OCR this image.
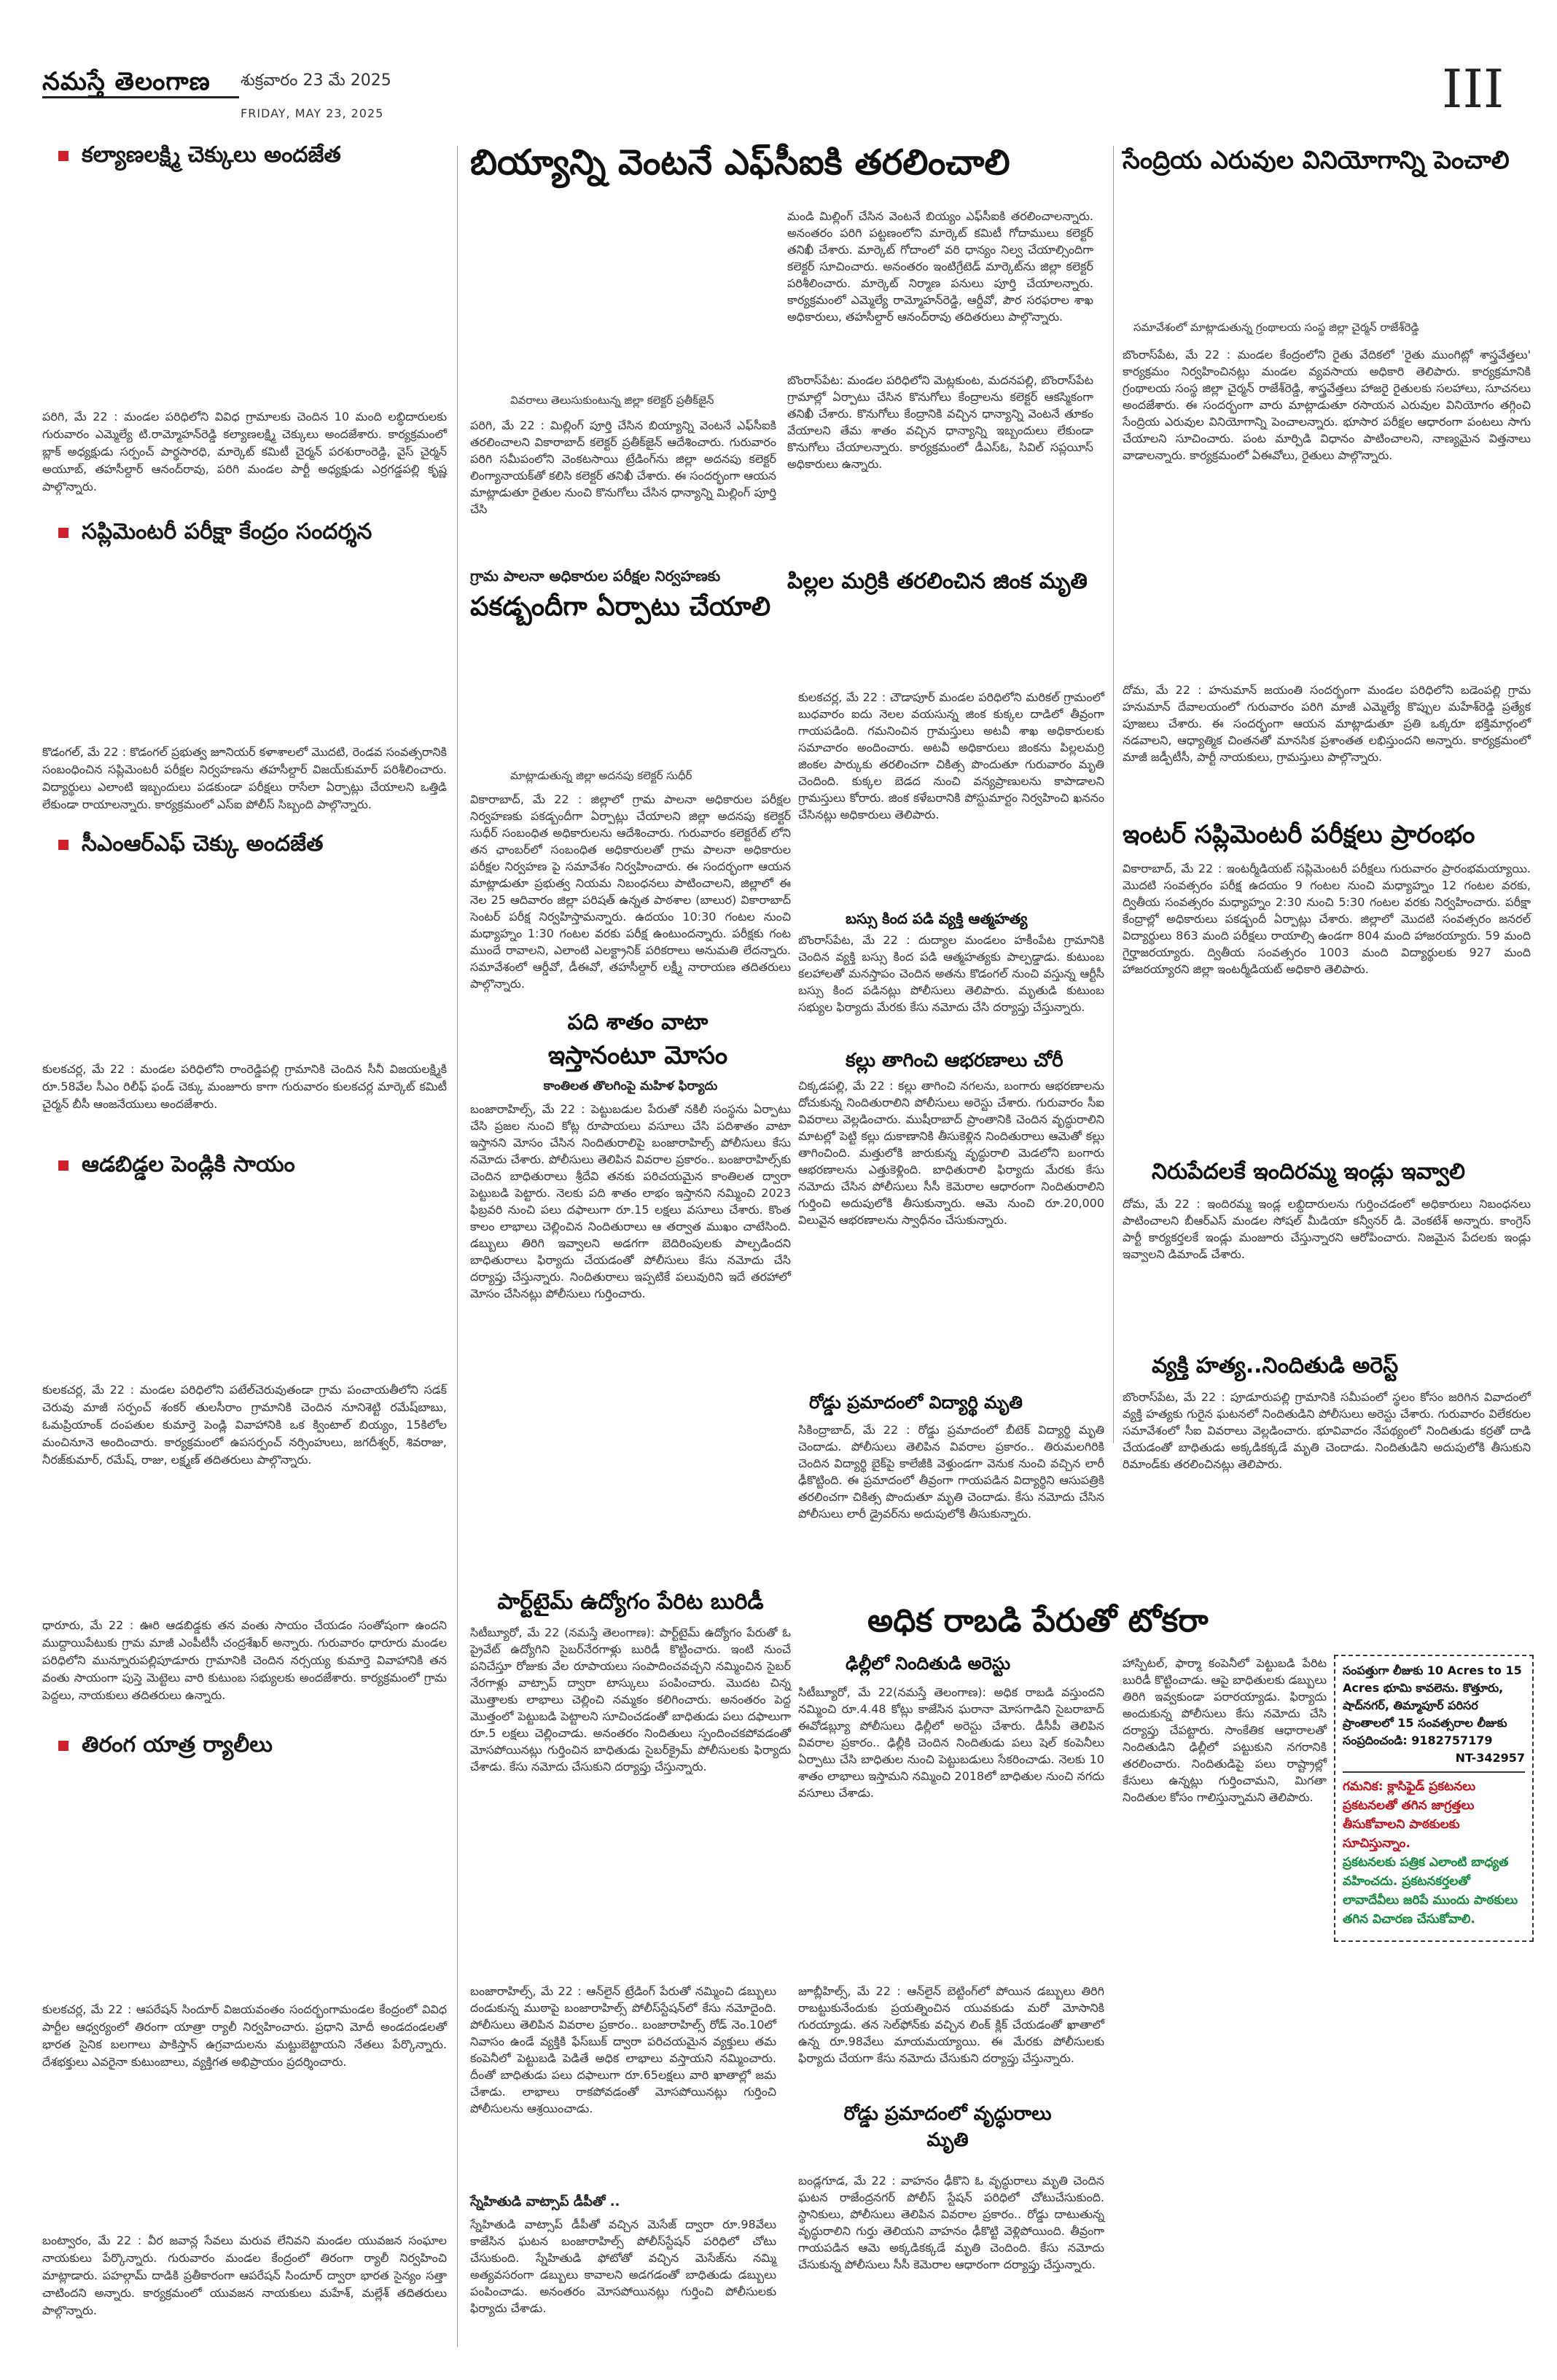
నమస్తే తెలంగాణ శుక్రవారం 23 మే 2025
FRIDAY, MAY 23, 2025	III
కల్యాణలక్ష్మి చెక్కులు అందజేత
పరిగి, మే 22 : మండల పరిధిలోని వివిధ గ్రామాలకు చెందిన 10 మంది లబ్ధిదారులకు గురువారం ఎమ్మెల్యే టి.రామ్మోహన్‌రెడ్డి కల్యాణలక్ష్మి చెక్కులు అందజేశారు. కార్యక్రమంలో బ్లాక్ అధ్యక్షుడు సర్పంచ్ పార్థసారధి, మార్కెట్ కమిటీ చైర్మన్ పరశురాంరెడ్డి, వైస్ చైర్మన్ అయూబ్, తహసీల్దార్ ఆనంద్‌రావు, పరిగి మండల పార్టీ అధ్యక్షుడు ఎర్రగడ్డపల్లి కృష్ణ పాల్గొన్నారు.
సప్లిమెంటరీ పరీక్షా కేంద్రం సందర్శన
కొడంగల్, మే 22 : కొడంగల్ ప్రభుత్వ జూనియర్ కళాశాలలో మొదటి, రెండవ సంవత్సరానికి సంబంధించిన సప్లిమెంటరీ పరీక్షల నిర్వహణను తహసీల్దార్ విజయ్‌కుమార్ పరిశీలించారు. విద్యార్థులు ఎలాంటి ఇబ్బందులు పడకుండా పరీక్షలు రాసేలా ఏర్పాట్లు చేయాలని ఒత్తిడి లేకుండా రాయాలన్నారు. కార్యక్రమంలో ఎస్‌ఐ పోలీస్ సిబ్బంది పాల్గొన్నారు.
సీఎంఆర్‌ఎఫ్ చెక్కు అందజేత
కులకచర్ల, మే 22 : మండల పరిధిలోని రాంరెడ్డిపల్లి గ్రామానికి చెందిన సీనీ విజయలక్ష్మికి రూ.58వేల సీఎం రిలీఫ్ ఫండ్ చెక్కు మంజూరు కాగా గురువారం కులకచర్ల మార్కెట్ కమిటీ చైర్మన్ బీసీ ఆంజనేయులు అందజేశారు.
ఆడబిడ్డల పెండ్లికి సాయం
కులకచర్ల, మే 22 : మండల పరిధిలోని పటేల్‌చెరువుతండా గ్రామ పంచాయతీలోని సడక్ చెరువు మాజీ సర్పంచ్ శంకర్ తులసీరాం గ్రామానికి చెందిన నూనిశెట్టి రమేష్‌బాబు, ఓమప్రియాంక్ దంపతుల కుమార్తె పెండ్లి వివాహానికి ఒక క్వింటాల్ బియ్యం, 15కిలోల మంచినూనె అందించారు. కార్యక్రమంలో ఉపసర్పంచ్ నర్సింహులు, జగదీశ్వర్, శివరాజు, నీరజ్‌కుమార్, రమేష్, రాజు, లక్ష్మణ్ తదితరులు పాల్గొన్నారు.
ధారూరు, మే 22 : ఊరి ఆడబిడ్డకు తన వంతు సాయం చేయడం సంతోషంగా ఉందని ముద్దాయిపేటుకు గ్రామ మాజీ ఎంపీటీసీ చంద్రశేఖర్ అన్నారు. గురువారం ధారూరు మండల పరిధిలోని మున్నూరుపల్లిపూడూరు గ్రామానికి చెందిన నర్సయ్య కుమార్తె వివాహానికి తన వంతు సాయంగా పుస్తె మెట్టెలు వారి కుటుంబ సభ్యులకు అందజేశారు. కార్యక్రమంలో గ్రామ పెద్దలు, నాయకులు తదితరులు ఉన్నారు.
తిరంగ యాత్ర ర్యాలీలు
కులకచర్ల, మే 22 : ఆపరేషన్ సిందూర్ విజయవంతం సందర్భంగామండల కేంద్రంలో వివిధ పార్టీల ఆధ్వర్యంలో తిరంగా యాత్రా ర్యాలీ నిర్వహించారు. ప్రధాని మోదీ అండదండలతో భారత సైనిక బలగాలు పాకిస్తాన్ ఉగ్రవాదులను మట్టుబెట్టాయని నేతలు పేర్కొన్నారు. దేశభక్తులు ఎవరైనా కుటుంబాలు, వ్యక్తిగత అభిప్రాయం ప్రదర్శించారు.
బంట్వారం, మే 22 : వీర జవాన్ల సేవలు మరువ లేనివని మండల యువజన సంఘాల నాయకులు పేర్కొన్నారు. గురువారం మండల కేంద్రంలో తిరంగా ర్యాలీ నిర్వహించి మాట్లాడారు. పహల్గామ్ దాడికి ప్రతీకారంగా ఆపరేషన్ సిందూర్ ద్వారా భారత సైన్యం సత్తా చాటిందని అన్నారు. కార్యక్రమంలో యువజన నాయకులు మహేశ్, మల్లేశ్ తదితరులు పాల్గొన్నారు.
బియ్యాన్ని వెంటనే ఎఫ్‌సీఐకి తరలించాలి
వివరాలు తెలుసుకుంటున్న జిల్లా కలెక్టర్ ప్రతీక్‌జైన్
పరిగి, మే 22 : మిల్లింగ్ పూర్తి చేసిన బియ్యాన్ని వెంటనే ఎఫ్‌సీఐకి తరలించాలని వికారాబాద్ కలెక్టర్ ప్రతీక్‌జైన్ ఆదేశించారు. గురువారం పరిగి సమీపంలోని వెంకటసాయి ట్రేడింగ్‌ను జిల్లా అదనపు కలెక్టర్ లింగ్యానాయక్‌తో కలిసి కలెక్టర్ తనిఖీ చేశారు. ఈ సందర్భంగా ఆయన మాట్లాడుతూ రైతుల నుంచి కొనుగోలు చేసిన ధాన్యాన్ని మిల్లింగ్ పూర్తి చేసి
మండి మిల్లింగ్ చేసిన వెంటనే బియ్యం ఎఫ్‌సీఐకి తరలించాలన్నారు. అనంతరం పరిగి పట్టణంలోని మార్కెట్ కమిటీ గోదాములు కలెక్టర్ తనిఖీ చేశారు. మార్కెట్ గోదాంలో వరి ధాన్యం నిల్వ చేయాల్సిందిగా కలెక్టర్ సూచించారు. అనంతరం ఇంటిగ్రేటెడ్ మార్కెట్‌ను జిల్లా కలెక్టర్ పరిశీలించారు. మార్కెట్ నిర్మాణ పనులు పూర్తి చేయాలన్నారు. కార్యక్రమంలో ఎమ్మెల్యే రామ్మోహన్‌రెడ్డి, ఆర్డీవో, పౌర సరఫరాల శాఖ అధికారులు, తహసీల్దార్ ఆనంద్‌రావు తదితరులు పాల్గొన్నారు.
బొంరాస్‌పేట: మండల పరిధిలోని మెట్లకుంట, మదనపల్లి, బొంరాస్‌పేట గ్రామాల్లో ఏర్పాటు చేసిన కొనుగోలు కేంద్రాలను కలెక్టర్ ఆకస్మికంగా తనిఖీ చేశారు. కొనుగోలు కేంద్రానికి వచ్చిన ధాన్యాన్ని వెంటనే తూకం వేయాలని తేమ శాతం వచ్చిన ధాన్యాన్ని ఇబ్బందులు లేకుండా కొనుగోలు చేయాలన్నారు. కార్యక్రమంలో డీఎస్ఓ, సివిల్ సప్లయీస్ అధికారులు ఉన్నారు.
గ్రామ పాలనా అధికారుల పరీక్షల నిర్వహణకు
పకడ్బందీగా ఏర్పాటు చేయాలి
మాట్లాడుతున్న జిల్లా అదనపు కలెక్టర్ సుధీర్
వికారాబాద్, మే 22 : జిల్లాలో గ్రామ పాలనా అధికారుల పరీక్షల నిర్వహణకు పకడ్బందీగా ఏర్పాట్లు చేయాలని జిల్లా అదనపు కలెక్టర్ సుధీర్ సంబంధిత అధికారులను ఆదేశించారు. గురువారం కలెక్టరేట్ లోని తన ఛాంబర్‌లో సంబంధిత అధికారులతో గ్రామ పాలనా అధికారుల పరీక్షల నిర్వహణ పై సమావేశం నిర్వహించారు. ఈ సందర్భంగా ఆయన మాట్లాడుతూ ప్రభుత్వ నియమ నిబంధనలు పాటించాలని, జిల్లాలో ఈ నెల 25 ఆదివారం జిల్లా పరిషత్ ఉన్నత పాఠశాల (బాలుర) వికారాబాద్ సెంటర్ పరీక్ష నిర్వహిస్తామన్నారు. ఉదయం 10:30 గంటల నుంచి మధ్యాహ్నం 1:30 గంటల వరకు పరీక్ష ఉంటుందన్నారు. పరీక్షకు గంట ముందే రావాలని, ఎలాంటి ఎలక్ట్రానిక్ పరికరాలు అనుమతి లేదన్నారు. సమావేశంలో ఆర్డీవో, డీఈవో, తహసీల్దార్ లక్ష్మీ నారాయణ తదితరులు పాల్గొన్నారు.
పది శాతం వాటా
ఇస్తానంటూ మోసం
కాంతిలత తొలగింపై మహిళ ఫిర్యాదు
బంజారాహిల్స్, మే 22 : పెట్టుబడుల పేరుతో నకిలీ సంస్థను ఏర్పాటు చేసి ప్రజల నుంచి కోట్ల రూపాయలు వసూలు చేసి పదిశాతం వాటా ఇస్తానని మోసం చేసిన నిందితురాలిపై బంజారాహిల్స్ పోలీసులు కేసు నమోదు చేశారు. పోలీసులు తెలిపిన వివరాల ప్రకారం.. బంజారాహిల్స్‌కు చెందిన బాధితురాలు శ్రీదేవి తనకు పరిచయమైన కాంతిలత ద్వారా పెట్టుబడి పెట్టారు. నెలకు పది శాతం లాభం ఇస్తానని నమ్మించి 2023 ఫిబ్రవరి నుంచి పలు దఫాలుగా రూ.15 లక్షలు వసూలు చేశారు. కొంత కాలం లాభాలు చెల్లించిన నిందితురాలు ఆ తర్వాత ముఖం చాటేసింది. డబ్బులు తిరిగి ఇవ్వాలని అడగగా బెదిరింపులకు పాల్పడిందని బాధితురాలు ఫిర్యాదు చేయడంతో పోలీసులు కేసు నమోదు చేసి దర్యాప్తు చేస్తున్నారు. నిందితురాలు ఇప్పటికే పలువురిని ఇదే తరహాలో మోసం చేసినట్లు పోలీసులు గుర్తించారు.
పార్ట్‌టైమ్ ఉద్యోగం పేరిట బురిడీ
సిటీబ్యూరో, మే 22 (నమస్తే తెలంగాణ): పార్ట్‌టైమ్ ఉద్యోగం పేరుతో ఓ ప్రైవేట్ ఉద్యోగిని సైబర్‌నేరగాళ్లు బురిడీ కొట్టించారు. ఇంటి నుంచే పనిచేస్తూ రోజుకు వేల రూపాయలు సంపాదించవచ్చని నమ్మించిన సైబర్ నేరగాళ్లు వాట్సాప్ ద్వారా టాస్కులు పంపించారు. మొదట చిన్న మొత్తాలకు లాభాలు చెల్లించి నమ్మకం కలిగించారు. అనంతరం పెద్ద మొత్తంలో పెట్టుబడి పెట్టాలని సూచించడంతో బాధితుడు పలు దఫాలుగా రూ.5 లక్షలు చెల్లించాడు. అనంతరం నిందితులు స్పందించకపోవడంతో మోసపోయినట్లు గుర్తించిన బాధితుడు సైబర్‌క్రైమ్ పోలీసులకు ఫిర్యాదు చేశాడు. కేసు నమోదు చేసుకుని దర్యాప్తు చేస్తున్నారు.
బంజారాహిల్స్, మే 22 : ఆన్‌లైన్ ట్రేడింగ్ పేరుతో నమ్మించి డబ్బులు దండుకున్న ముఠాపై బంజారాహిల్స్ పోలీస్‌స్టేషన్‌లో కేసు నమోదైంది. పోలీసులు తెలిపిన వివరాల ప్రకారం.. బంజారాహిల్స్ రోడ్ నెం.10లో నివాసం ఉండే వ్యక్తికి ఫేస్‌బుక్ ద్వారా పరిచయమైన వ్యక్తులు తమ కంపెనీలో పెట్టుబడి పెడితే అధిక లాభాలు వస్తాయని నమ్మించారు. దీంతో బాధితుడు పలు దఫాలుగా రూ.65లక్షలు వారి ఖాతాల్లో జమ చేశాడు. లాభాలు రాకపోవడంతో మోసపోయినట్లు గుర్తించి పోలీసులను ఆశ్రయించాడు.
స్నేహితుడి వాట్సాప్ డీపీతో ..
స్నేహితుడి వాట్సాప్ డీపీతో వచ్చిన మెసేజ్ ద్వారా రూ.98వేలు కాజేసిన ఘటన బంజారాహిల్స్ పోలీస్‌స్టేషన్ పరిధిలో చోటు చేసుకుంది. స్నేహితుడి ఫోటోతో వచ్చిన మెసేజ్‌ను నమ్మి అత్యవసరంగా డబ్బులు కావాలని అడగడంతో బాధితుడు డబ్బులు పంపించాడు. అనంతరం మోసపోయినట్లు గుర్తించి పోలీసులకు ఫిర్యాదు చేశాడు.
పిల్లల మర్రికి తరలించిన జింక మృతి
కులకచర్ల, మే 22 : చౌడాపూర్ మండల పరిధిలోని మరికల్ గ్రామంలో బుధవారం ఐదు నెలల వయసున్న జింక కుక్కల దాడిలో తీవ్రంగా గాయపడింది. గమనించిన గ్రామస్తులు అటవీ శాఖ అధికారులకు సమాచారం అందించారు. అటవీ అధికారులు జింకను పిల్లలమర్రి జింకల పార్కుకు తరలించగా చికిత్స పొందుతూ గురువారం మృతి చెందింది. కుక్కల బెడద నుంచి వన్యప్రాణులను కాపాడాలని గ్రామస్తులు కోరారు. జింక కళేబరానికి పోస్టుమార్టం నిర్వహించి ఖననం చేసినట్లు అధికారులు తెలిపారు.
బస్సు కింద పడి వ్యక్తి ఆత్మహత్య
బొంరాస్‌పేట, మే 22 : దుద్యాల మండలం హకీంపేట గ్రామానికి చెందిన వ్యక్తి బస్సు కింద పడి ఆత్మహత్యకు పాల్పడ్డాడు. కుటుంబ కలహాలతో మనస్తాపం చెందిన అతను కొడంగల్ నుంచి వస్తున్న ఆర్టీసీ బస్సు కింద పడినట్లు పోలీసులు తెలిపారు. మృతుడి కుటుంబ సభ్యుల ఫిర్యాదు మేరకు కేసు నమోదు చేసి దర్యాప్తు చేస్తున్నారు.
కల్లు తాగించి ఆభరణాలు చోరీ
చిక్కడపల్లి, మే 22 : కల్లు తాగించి నగలను, బంగారు ఆభరణాలను దోచుకున్న నిందితురాలిని పోలీసులు అరెస్టు చేశారు. గురువారం సీఐ వివరాలు వెల్లడించారు. ముషీరాబాద్ ప్రాంతానికి చెందిన వృద్ధురాలిని మాటల్లో పెట్టి కల్లు దుకాణానికి తీసుకెళ్లిన నిందితురాలు ఆమెతో కల్లు తాగించింది. మత్తులోకి జారుకున్న వృద్ధురాలి మెడలోని బంగారు ఆభరణాలను ఎత్తుకెళ్లింది. బాధితురాలి ఫిర్యాదు మేరకు కేసు నమోదు చేసిన పోలీసులు సీసీ కెమెరాల ఆధారంగా నిందితురాలిని గుర్తించి అదుపులోకి తీసుకున్నారు. ఆమె నుంచి రూ.20,000 విలువైన ఆభరణాలను స్వాధీనం చేసుకున్నారు.
రోడ్డు ప్రమాదంలో విద్యార్థి మృతి
సికింద్రాబాద్, మే 22 : రోడ్డు ప్రమాదంలో బీటెక్ విద్యార్థి మృతి చెందాడు. పోలీసులు తెలిపిన వివరాల ప్రకారం.. తిరుమలగిరికి చెందిన విద్యార్థి బైక్‌పై కాలేజీకి వెళ్తుండగా వెనుక నుంచి వచ్చిన లారీ ఢీకొట్టింది. ఈ ప్రమాదంలో తీవ్రంగా గాయపడిన విద్యార్థిని ఆసుపత్రికి తరలించగా చికిత్స పొందుతూ మృతి చెందాడు. కేసు నమోదు చేసిన పోలీసులు లారీ డ్రైవర్‌ను అదుపులోకి తీసుకున్నారు.
జూబ్లీహిల్స్, మే 22 : ఆన్‌లైన్ బెట్టింగ్‌లో పోయిన డబ్బులు తిరిగి రాబట్టుకునేందుకు ప్రయత్నించిన యువకుడు మరో మోసానికి గురయ్యాడు. తన సెల్‌ఫోన్‌కు వచ్చిన లింక్ క్లిక్ చేయడంతో ఖాతాలో ఉన్న రూ.98వేలు మాయమయ్యాయి. ఈ మేరకు పోలీసులకు ఫిర్యాదు చేయగా కేసు నమోదు చేసుకుని దర్యాప్తు చేస్తున్నారు.
రోడ్డు ప్రమాదంలో వృద్ధురాలు మృతి
బండ్లగూడ, మే 22 : వాహనం ఢీకొని ఓ వృద్ధురాలు మృతి చెందిన ఘటన రాజేంద్రనగర్ పోలీస్ స్టేషన్ పరిధిలో చోటుచేసుకుంది. స్థానికులు, పోలీసులు తెలిపిన వివరాల ప్రకారం.. రోడ్డు దాటుతున్న వృద్ధురాలిని గుర్తు తెలియని వాహనం ఢీకొట్టి వెళ్లిపోయింది. తీవ్రంగా గాయపడిన ఆమె అక్కడికక్కడే మృతి చెందింది. కేసు నమోదు చేసుకున్న పోలీసులు సీసీ కెమెరాల ఆధారంగా దర్యాప్తు చేస్తున్నారు.
సేంద్రియ ఎరువుల వినియోగాన్ని పెంచాలి
సమావేశంలో మాట్లాడుతున్న గ్రంథాలయ సంస్థ జిల్లా చైర్మన్ రాజేశ్‌రెడ్డి
బొంరాస్‌పేట, మే 22 : మండల కేంద్రంలోని రైతు వేదికలో 'రైతు ముంగిట్లో శాస్త్రవేత్తలు' కార్యక్రమం నిర్వహించినట్లు మండల వ్యవసాయ అధికారి తెలిపారు. కార్యక్రమానికి గ్రంథాలయ సంస్థ జిల్లా చైర్మన్ రాజేశ్‌రెడ్డి, శాస్త్రవేత్తలు హాజరై రైతులకు సలహాలు, సూచనలు అందజేశారు. ఈ సందర్భంగా వారు మాట్లాడుతూ రసాయన ఎరువుల వినియోగం తగ్గించి సేంద్రియ ఎరువుల వినియోగాన్ని పెంచాలన్నారు. భూసార పరీక్షల ఆధారంగా పంటలు సాగు చేయాలని సూచించారు. పంట మార్పిడి విధానం పాటించాలని, నాణ్యమైన విత్తనాలు వాడాలన్నారు. కార్యక్రమంలో ఏఈవోలు, రైతులు పాల్గొన్నారు.
దోమ, మే 22 : హనుమాన్ జయంతి సందర్భంగా మండల పరిధిలోని బడెంపల్లి గ్రామ హనుమాన్ దేవాలయంలో గురువారం పరిగి మాజీ ఎమ్మెల్యే కొప్పుల మహేశ్‌రెడ్డి ప్రత్యేక పూజలు చేశారు. ఈ సందర్భంగా ఆయన మాట్లాడుతూ ప్రతి ఒక్కరూ భక్తిమార్గంలో నడవాలని, ఆధ్యాత్మిక చింతనతో మానసిక ప్రశాంతత లభిస్తుందని అన్నారు. కార్యక్రమంలో మాజీ జడ్పీటీసీ, పార్టీ నాయకులు, గ్రామస్తులు పాల్గొన్నారు.
ఇంటర్ సప్లిమెంటరీ పరీక్షలు ప్రారంభం
వికారాబాద్, మే 22 : ఇంటర్మీడియట్ సప్లిమెంటరీ పరీక్షలు గురువారం ప్రారంభమయ్యాయి. మొదటి సంవత్సరం పరీక్ష ఉదయం 9 గంటల నుంచి మధ్యాహ్నం 12 గంటల వరకు, ద్వితీయ సంవత్సరం మధ్యాహ్నం 2:30 నుంచి 5:30 గంటల వరకు నిర్వహించారు. పరీక్షా కేంద్రాల్లో అధికారులు పకడ్బందీ ఏర్పాట్లు చేశారు. జిల్లాలో మొదటి సంవత్సరం జనరల్ విద్యార్థులు 863 మంది పరీక్షలు రాయాల్సి ఉండగా 804 మంది హాజరయ్యారు. 59 మంది గైర్హాజరయ్యారు. ద్వితీయ సంవత్సరం 1003 మంది విద్యార్థులకు 927 మంది హాజరయ్యారని జిల్లా ఇంటర్మీడియట్ అధికారి తెలిపారు.
నిరుపేదలకే ఇందిరమ్మ ఇండ్లు ఇవ్వాలి
దోమ, మే 22 : ఇందిరమ్మ ఇండ్ల లబ్ధిదారులను గుర్తించడంలో అధికారులు నిబంధనలు పాటించాలని బీఆర్ఎస్ మండల సోషల్ మీడియా కన్వీనర్ డి. వెంకటేశ్ అన్నారు. కాంగ్రెస్ పార్టీ కార్యకర్తలకే ఇండ్లు మంజూరు చేస్తున్నారని ఆరోపించారు. నిజమైన పేదలకు ఇండ్లు ఇవ్వాలని డిమాండ్ చేశారు.
వ్యక్తి హత్య..నిందితుడి అరెస్ట్
బొంరాస్‌పేట, మే 22 : పూడూరుపల్లి గ్రామానికి సమీపంలో స్థలం కోసం జరిగిన వివాదంలో వ్యక్తి హత్యకు గురైన ఘటనలో నిందితుడిని పోలీసులు అరెస్టు చేశారు. గురువారం విలేకరుల సమావేశంలో సీఐ వివరాలు వెల్లడించారు. భూవివాదం నేపథ్యంలో నిందితుడు కర్రతో దాడి చేయడంతో బాధితుడు అక్కడికక్కడే మృతి చెందాడు. నిందితుడిని అదుపులోకి తీసుకుని రిమాండ్‌కు తరలించినట్లు తెలిపారు.
అధిక రాబడి పేరుతో టోకరా
ఢిల్లీలో నిందితుడి అరెస్టు
సిటీబ్యూరో, మే 22(నమస్తే తెలంగాణ): అధిక రాబడి వస్తుందని నమ్మించి రూ.4.48 కోట్లు కాజేసిన ఘరానా మోసగాడిని సైబరాబాద్ ఈవోడబ్ల్యూ పోలీసులు ఢిల్లీలో అరెస్టు చేశారు. డీసీపీ తెలిపిన వివరాల ప్రకారం.. ఢిల్లీకి చెందిన నిందితుడు పలు షెల్ కంపెనీలు ఏర్పాటు చేసి బాధితుల నుంచి పెట్టుబడులు సేకరించాడు. నెలకు 10 శాతం లాభాలు ఇస్తామని నమ్మించి 2018లో బాధితుల నుంచి నగదు వసూలు చేశాడు.
హాస్పిటల్, ఫార్మా కంపెనీలో పెట్టుబడి పేరిట బురిడీ కొట్టించాడు. ఆపై బాధితులకు డబ్బులు తిరిగి ఇవ్వకుండా పరారయ్యాడు. ఫిర్యాదు అందుకున్న పోలీసులు కేసు నమోదు చేసి దర్యాప్తు చేపట్టారు. సాంకేతిక ఆధారాలతో నిందితుడిని ఢిల్లీలో పట్టుకుని నగరానికి తరలించారు. నిందితుడిపై పలు రాష్ట్రాల్లో కేసులు ఉన్నట్లు గుర్తించామని, మిగతా నిందితుల కోసం గాలిస్తున్నామని తెలిపారు.
సంపత్తుగా లీజుకు 10 Acres to 15 Acres భూమి కావలెను. కొత్తూరు, షాద్‌నగర్, తిమ్మాపూర్ పరిసర ప్రాంతాలలో 15 సంవత్సరాల లీజుకు సంప్రదించండి: 9182757179
NT-342957
గమనిక: క్లాసిఫైడ్ ప్రకటనలు ప్రకటనలతో తగిన జాగ్రత్తలు తీసుకోవాలని పాఠకులకు సూచిస్తున్నాం.
ప్రకటనలకు పత్రిక ఎలాంటి బాధ్యత వహించదు. ప్రకటనకర్తలతో లావాదేవీలు జరిపే ముందు పాఠకులు తగిన విచారణ చేసుకోవాలి.
